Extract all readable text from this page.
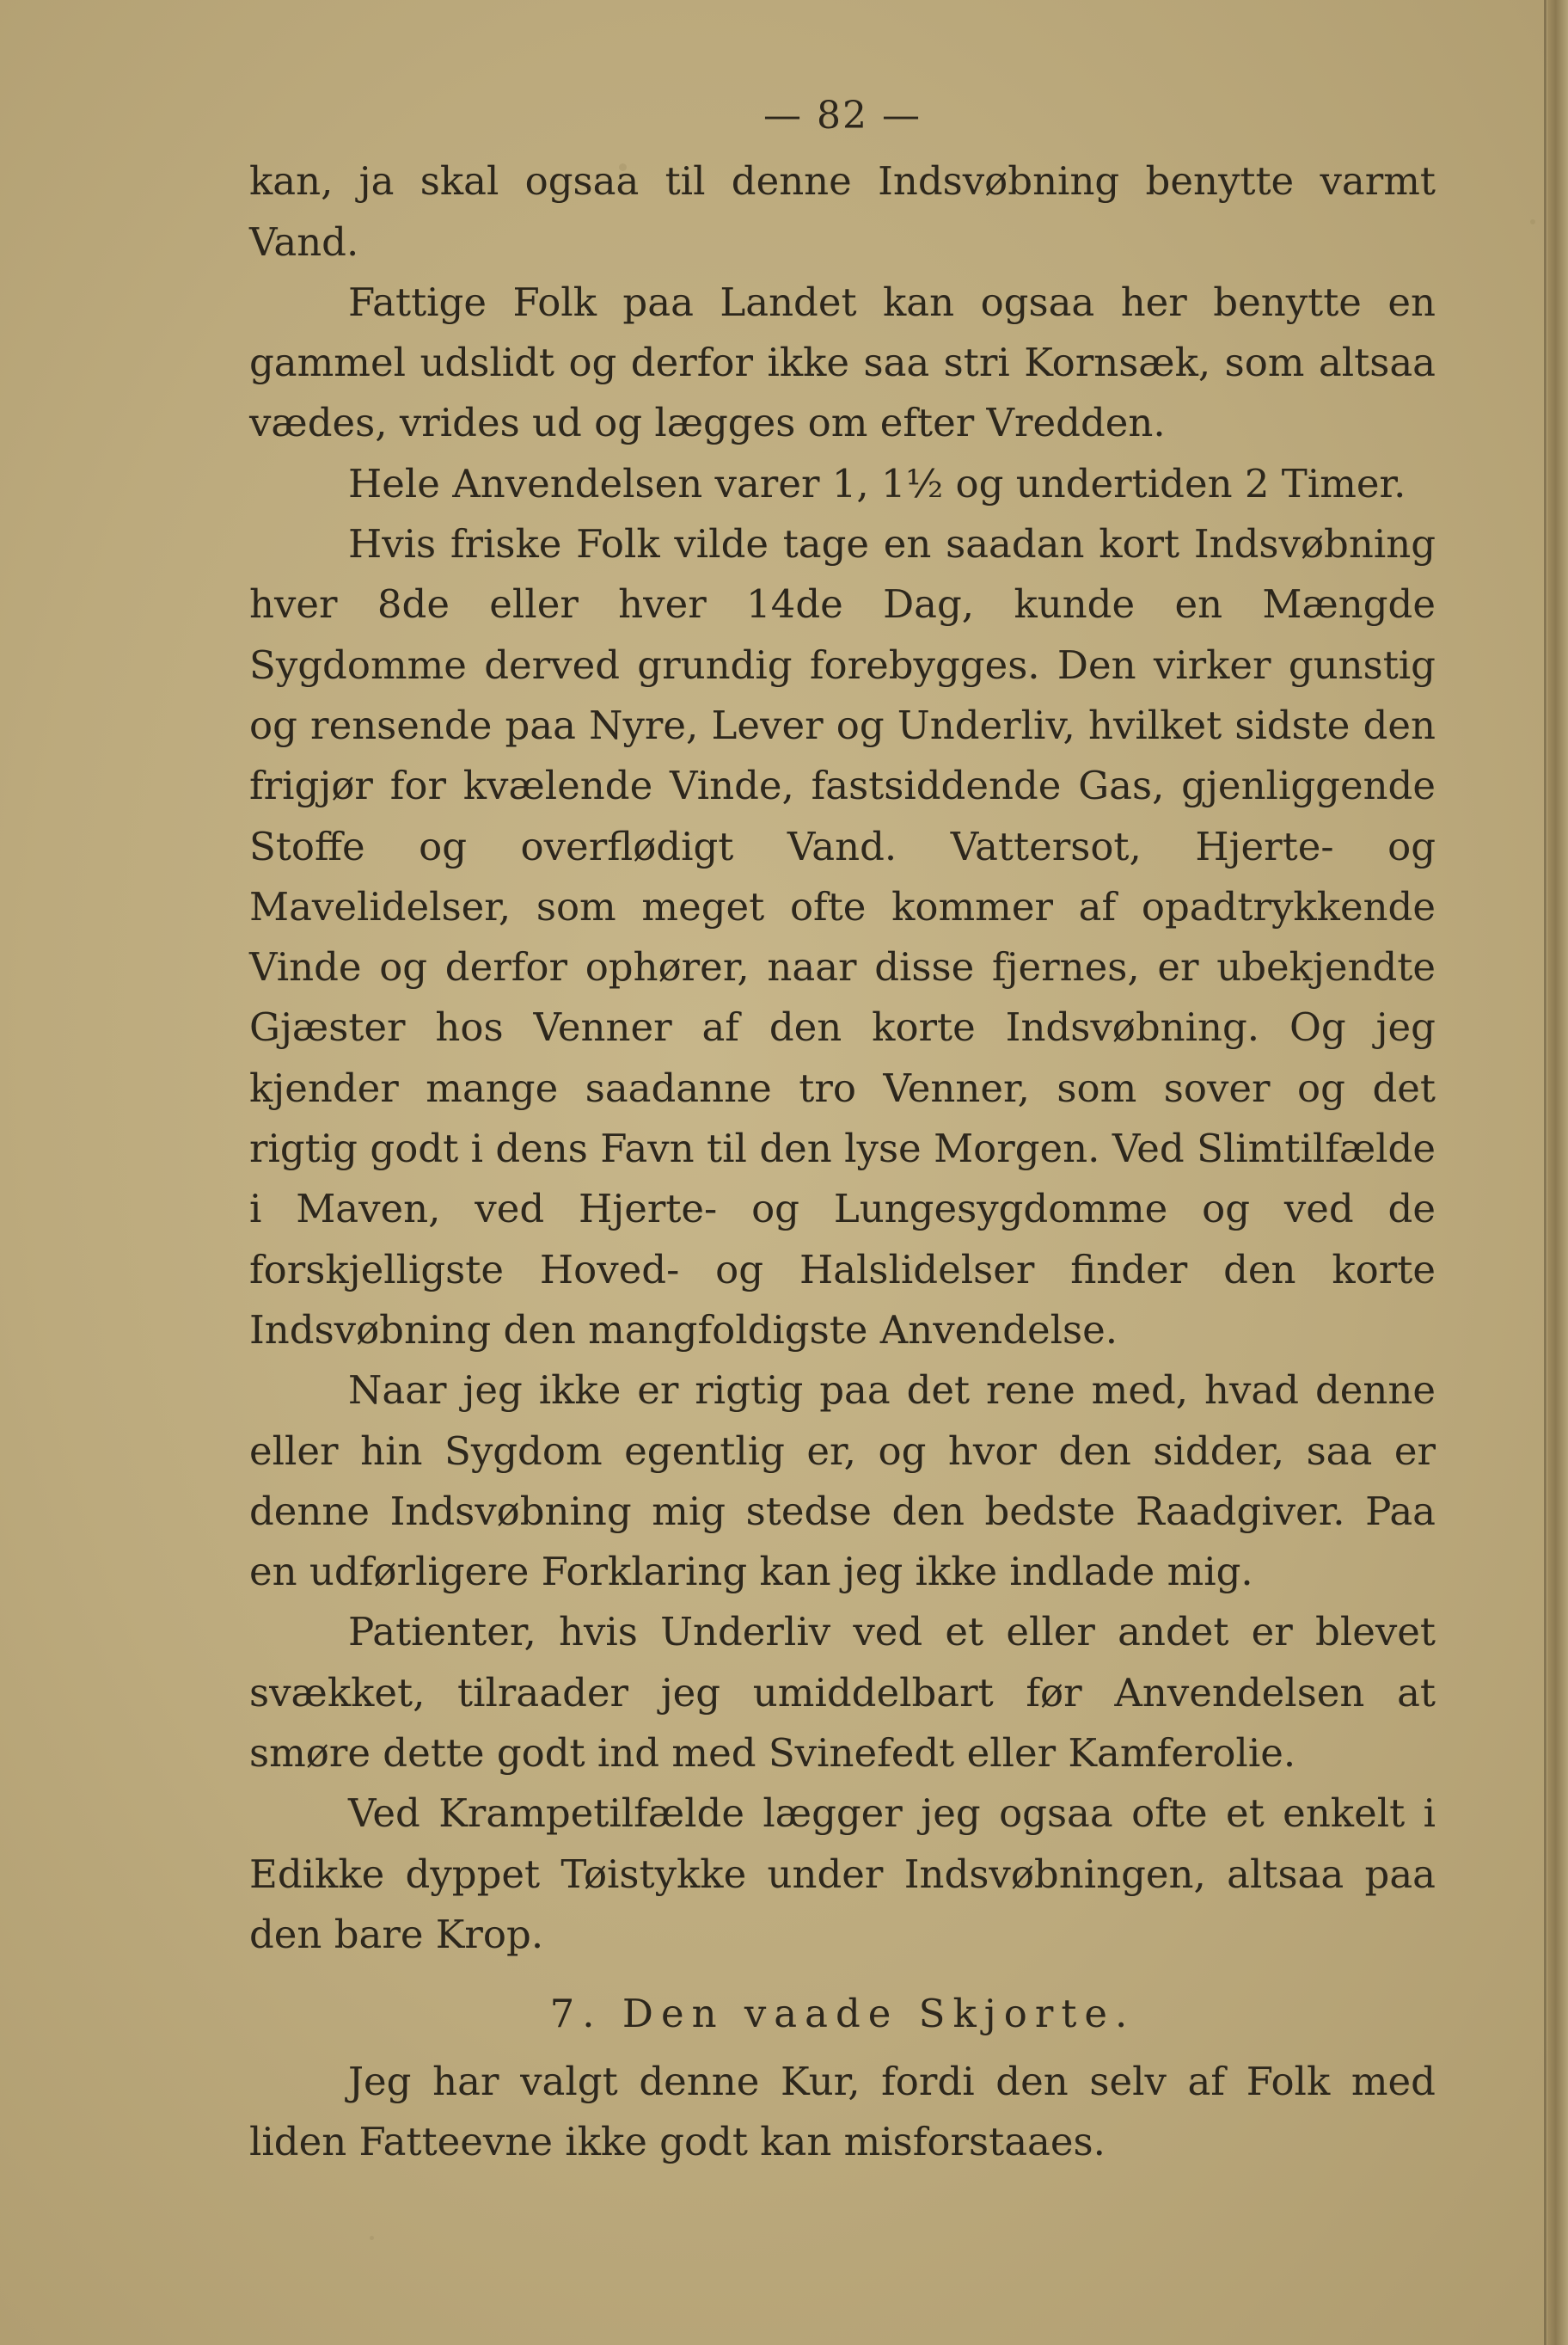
— 82 —

kan, ja skal ogsaa til denne Indsvøbning benytte varmt Vand.

Fattige Folk paa Landet kan ogsaa her benytte en gammel udslidt og derfor ikke saa stri Kornsæk, som altsaa vædes, vrides ud og lægges om efter Vredden.

Hele Anvendelsen varer 1, 1½ og undertiden 2 Timer.

Hvis friske Folk vilde tage en saadan kort Indsvøbning hver 8de eller hver 14de Dag, kunde en Mængde Sygdomme derved grundig forebygges. Den virker gunstig og rensende paa Nyre, Lever og Underliv, hvilket sidste den frigjør for kvælende Vinde, fastsiddende Gas, gjenliggende Stoffe og overflødigt Vand. Vattersot, Hjerte- og Mavelidelser, som meget ofte kommer af opadtrykkende Vinde og derfor ophører, naar disse fjernes, er ubekjendte Gjæster hos Venner af den korte Indsvøbning. Og jeg kjender mange saadanne tro Venner, som sover og det rigtig godt i dens Favn til den lyse Morgen. Ved Slimtilfælde i Maven, ved Hjerte- og Lungesygdomme og ved de forskjelligste Hoved- og Halslidelser finder den korte Indsvøbning den mangfoldigste Anvendelse.

Naar jeg ikke er rigtig paa det rene med, hvad denne eller hin Sygdom egentlig er, og hvor den sidder, saa er denne Indsvøbning mig stedse den bedste Raadgiver. Paa en udførligere Forklaring kan jeg ikke indlade mig.

Patienter, hvis Underliv ved et eller andet er blevet svækket, tilraader jeg umiddelbart før Anvendelsen at smøre dette godt ind med Svinefedt eller Kamferolie.

Ved Krampetilfælde lægger jeg ogsaa ofte et enkelt i Edikke dyppet Tøistykke under Indsvøbningen, altsaa paa den bare Krop.

7. Den vaade Skjorte.

Jeg har valgt denne Kur, fordi den selv af Folk med liden Fatteevne ikke godt kan misforstaaes.
